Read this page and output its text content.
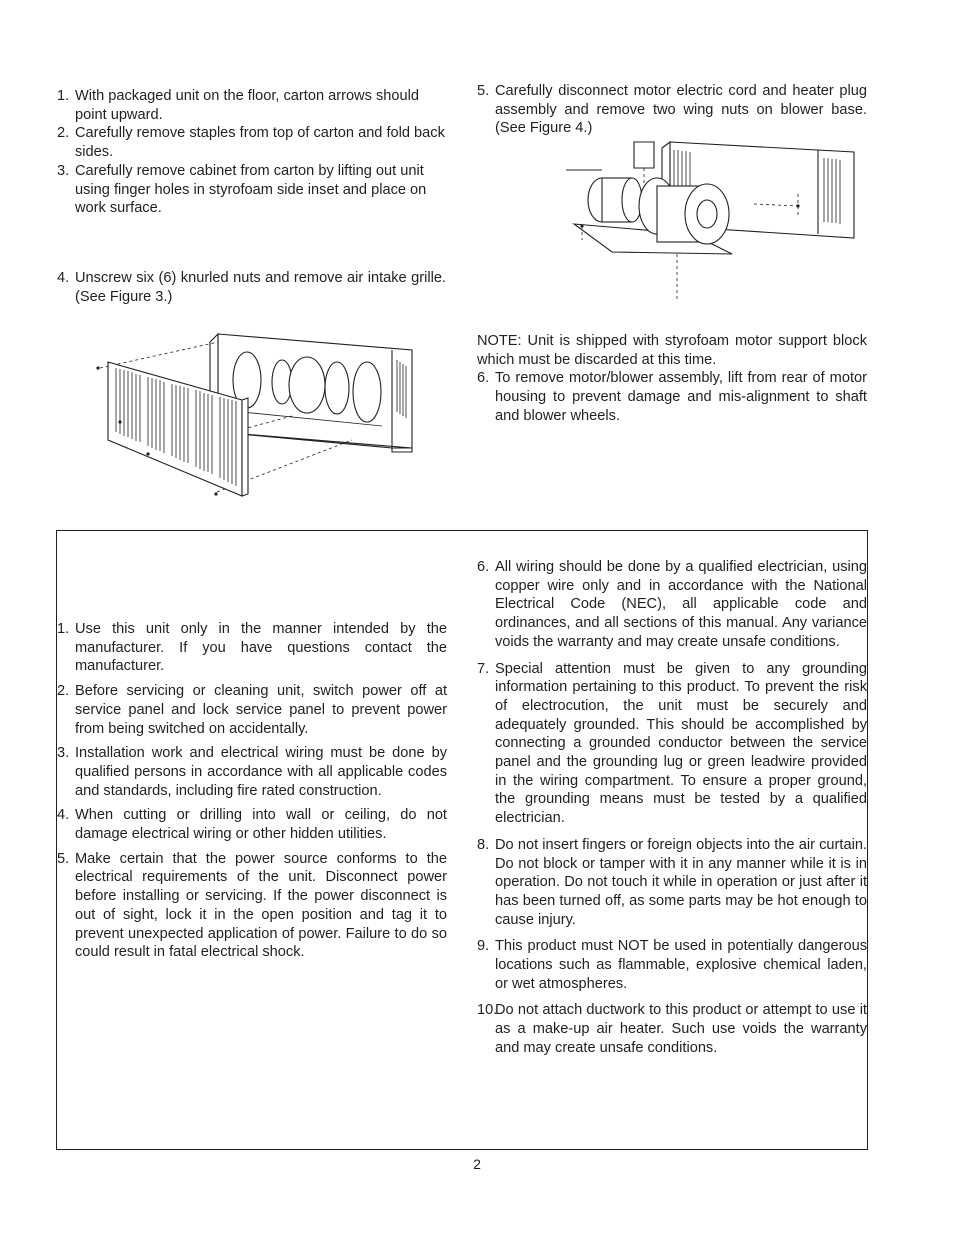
1. With packaged unit on the floor, carton arrows should point upward.
2. Carefully remove staples from top of carton and fold back sides.
3. Carefully remove cabinet from carton by lifting out unit using finger holes in styrofoam side inset and place on work surface.
4. Unscrew six (6) knurled nuts and remove air intake grille. (See Figure 3.)
5. Carefully disconnect motor electric cord and heater plug assembly and remove two wing nuts on blower base. (See Figure 4.)
NOTE: Unit is shipped with styrofoam motor support block which must be discarded at this time.
6. To remove motor/blower assembly, lift from rear of motor housing to prevent damage and mis-alignment to shaft and blower wheels.
1. Use this unit only in the manner intended by the manufacturer. If you have questions contact the manufacturer.
2. Before servicing or cleaning unit, switch power off at service panel and lock service panel to prevent power from being switched on accidentally.
3. Installation work and electrical wiring must be done by qualified persons in accordance with all applicable codes and standards, including fire rated construction.
4. When cutting or drilling into wall or ceiling, do not damage electrical wiring or other hidden utilities.
5. Make certain that the power source conforms to the electrical requirements of the unit. Disconnect power before installing or servicing. If the power disconnect is out of sight, lock it in the open position and tag it to prevent unexpected application of power. Failure to do so could result in fatal electrical shock.
6. All wiring should be done by a qualified electrician, using copper wire only and in accordance with the National Electrical Code (NEC), all applicable code and ordinances, and all sections of this manual. Any variance voids the warranty and may create unsafe conditions.
7. Special attention must be given to any grounding information pertaining to this product. To prevent the risk of electrocution, the unit must be securely and adequately grounded. This should be accomplished by connecting a grounded conductor between the service panel and the grounding lug or green leadwire provided in the wiring compartment. To ensure a proper ground, the grounding means must be tested by a qualified electrician.
8. Do not insert fingers or foreign objects into the air curtain. Do not block or tamper with it in any manner while it is in operation. Do not touch it while in operation or just after it has been turned off, as some parts may be hot enough to cause injury.
9. This product must NOT be used in potentially dangerous locations such as flammable, explosive chemical laden, or wet atmospheres.
10.
Do not attach ductwork to this product or attempt to use it as a make-up air heater. Such use voids the warranty and may create unsafe conditions.
2
